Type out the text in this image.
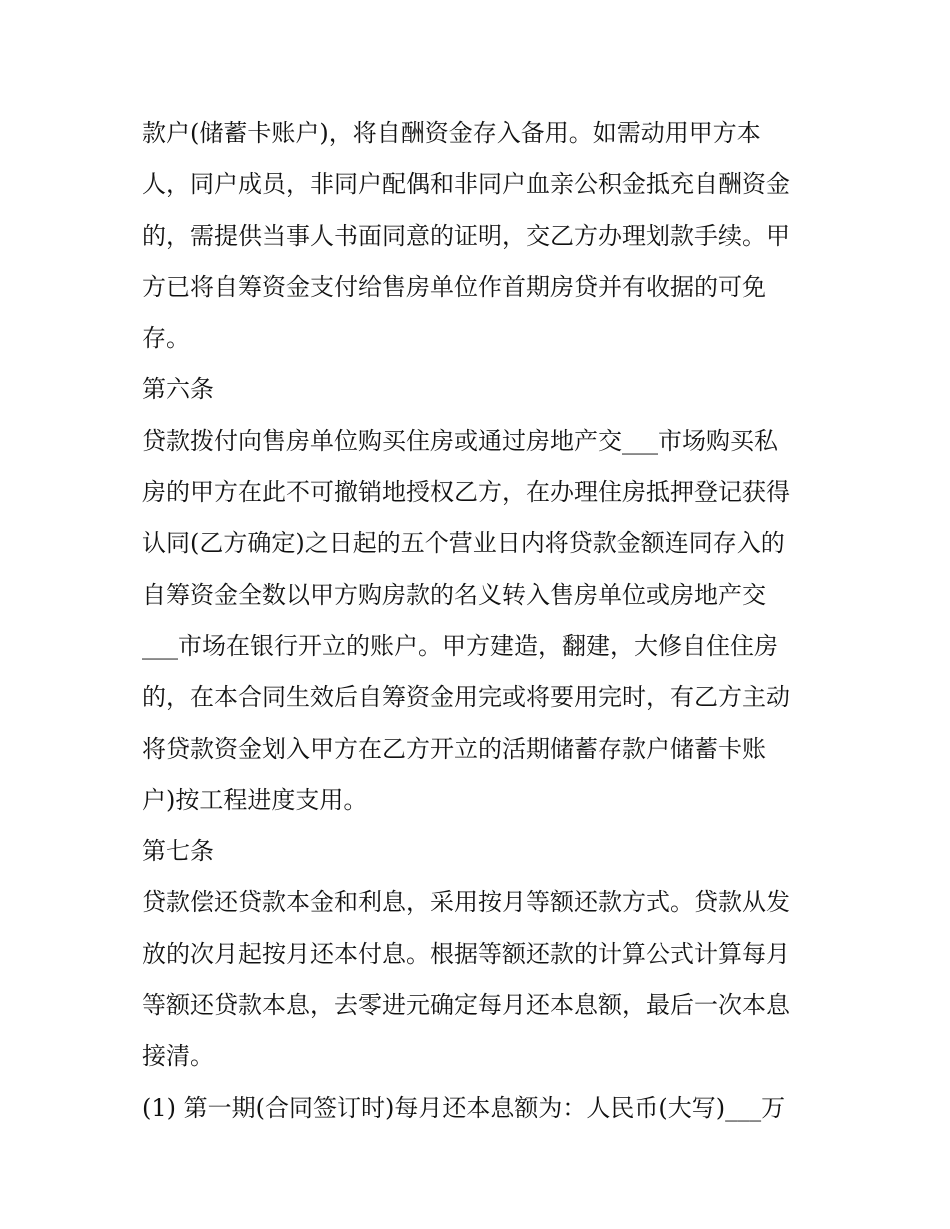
款户(储蓄卡账户)，将自酬资金存入备用。如需动用甲方本
人，同户成员，非同户配偶和非同户血亲公积金抵充自酬资金
的，需提供当事人书面同意的证明，交乙方办理划款手续。甲
方已将自筹资金支付给售房单位作首期房贷并有收据的可免
存。
第六条
贷款拨付向售房单位购买住房或通过房地产交___市场购买私
房的甲方在此不可撤销地授权乙方，在办理住房抵押登记获得
认同(乙方确定)之日起的五个营业日内将贷款金额连同存入的
自筹资金全数以甲方购房款的名义转入售房单位或房地产交
___市场在银行开立的账户。甲方建造，翻建，大修自住住房
的，在本合同生效后自筹资金用完或将要用完时，有乙方主动
将贷款资金划入甲方在乙方开立的活期储蓄存款户储蓄卡账
户)按工程进度支用。
第七条
贷款偿还贷款本金和利息，采用按月等额还款方式。贷款从发
放的次月起按月还本付息。根据等额还款的计算公式计算每月
等额还贷款本息，去零进元确定每月还本息额，最后一次本息
接清。
(1) 第一期(合同签订时)每月还本息额为：人民币(大写)___万
